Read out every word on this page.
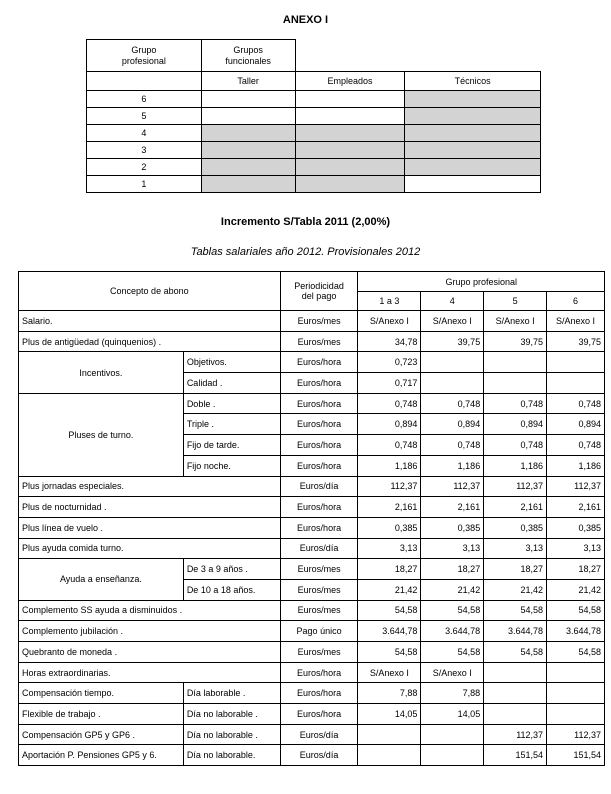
ANEXO I
Grupo
profesional	Grupos
funcionales		
	Taller	Empleados	Técnicos
6			
5			
4			
3			
2			
1			
Incremento S/Tabla 2011 (2,00%)
Tablas salariales año 2012. Provisionales 2012
Concepto de abono		Periodicidad
del pago	Grupo profesional			
			1 a 3	4	5	6
Salario.		Euros/mes	S/Anexo I	S/Anexo I	S/Anexo I	S/Anexo I
Plus de antigüedad (quinquenios) .		Euros/mes	34,78	39,75	39,75	39,75
Incentivos.	Objetivos.	Euros/hora	0,723			
	Calidad .	Euros/hora	0,717			
Pluses de turno.	Doble .	Euros/hora	0,748	0,748	0,748	0,748
	Triple .	Euros/hora	0,894	0,894	0,894	0,894
	Fijo de tarde.	Euros/hora	0,748	0,748	0,748	0,748
	Fijo noche.	Euros/hora	1,186	1,186	1,186	1,186
Plus jornadas especiales.		Euros/día	112,37	112,37	112,37	112,37
Plus de nocturnidad .		Euros/hora	2,161	2,161	2,161	2,161
Plus línea de vuelo .		Euros/hora	0,385	0,385	0,385	0,385
Plus ayuda comida turno.		Euros/día	3,13	3,13	3,13	3,13
Ayuda a enseñanza.	De 3 a 9 años .	Euros/mes	18,27	18,27	18,27	18,27
	De 10 a 18 años.	Euros/mes	21,42	21,42	21,42	21,42
Complemento SS ayuda a disminuidos .		Euros/mes	54,58	54,58	54,58	54,58
Complemento jubilación .		Pago único	3.644,78	3.644,78	3.644,78	3.644,78
Quebranto de moneda .		Euros/mes	54,58	54,58	54,58	54,58
Horas extraordinarias.		Euros/hora	S/Anexo I	S/Anexo I		
Compensación tiempo.	Día laborable .	Euros/hora	7,88	7,88		
Flexible de trabajo .	Día no laborable .	Euros/hora	14,05	14,05		
Compensación GP5 y GP6 .	Día no laborable .	Euros/día			112,37	112,37
Aportación P. Pensiones GP5 y 6.	Día no laborable.	Euros/día			151,54	151,54
